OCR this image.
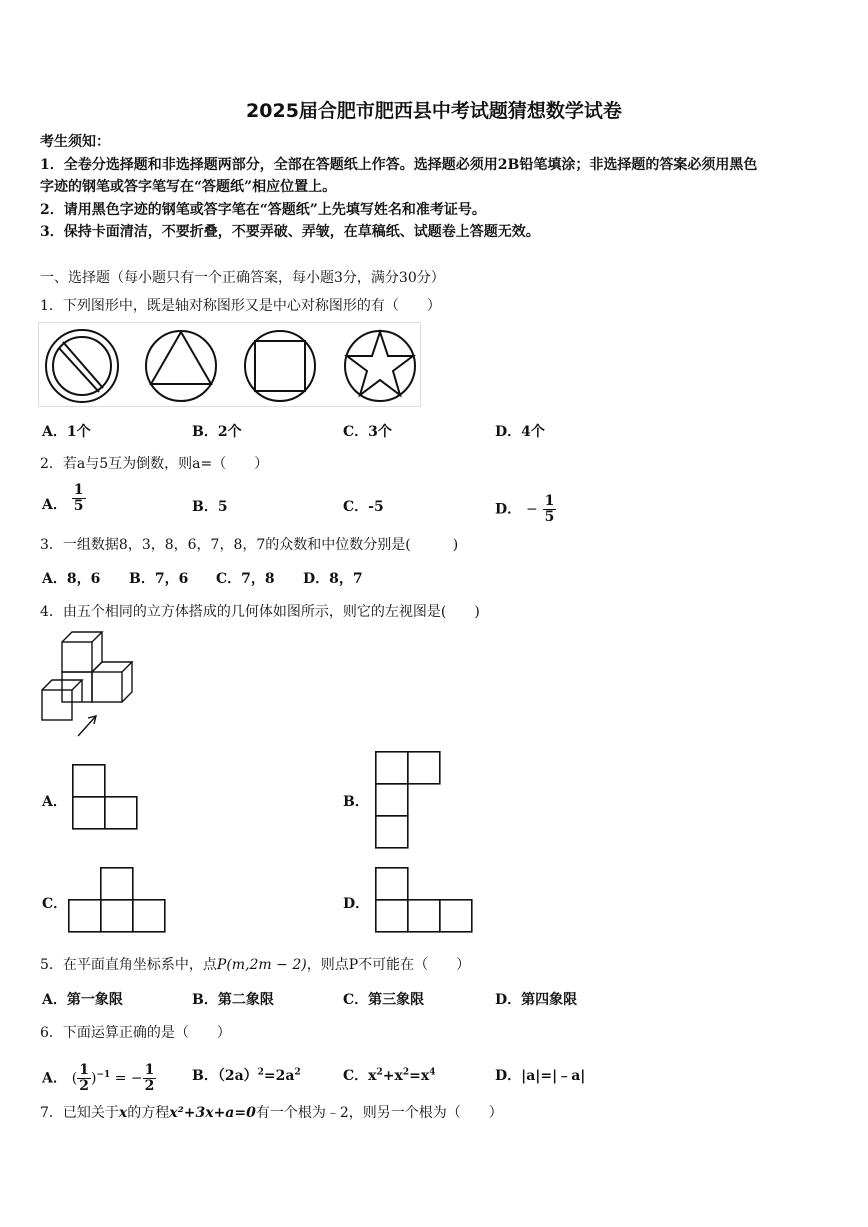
2025届合肥市肥西县中考试题猜想数学试卷
考生须知：
1．全卷分选择题和非选择题两部分，全部在答题纸上作答。选择题必须用2B铅笔填涂；非选择题的答案必须用黑色
字迹的钢笔或答字笔写在“答题纸”相应位置上。
2．请用黑色字迹的钢笔或答字笔在“答题纸”上先填写姓名和准考证号。
3．保持卡面清洁，不要折叠，不要弄破、弄皱，在草稿纸、试题卷上答题无效。
一、选择题（每小题只有一个正确答案，每小题3分，满分30分）
1．下列图形中，既是轴对称图形又是中心对称图形的有（　　）
A．1个	B．2个	C．3个	D．4个
2．若a与5互为倒数，则a=（　　）
A． $\frac{1}{5}$	B．5	C．-5	D． − $\frac{1}{5}$
3．一组数据8，3，8，6，7，8，7的众数和中位数分别是(　　　)
A．8，6 B．7，6 C．7，8 D．8，7
4．由五个相同的立方体搭成的几何体如图所示，则它的左视图是(　　)
A．	B．
C．	D．
5．在平面直角坐标系中，点P(m,2m − 2)，则点P不可能在（　　）
A．第一象限	B．第二象限	C．第三象限	D．第四象限
6．下面运算正确的是（　　）
A． ( $\frac{1}{2} )^{-1}$ = − $\frac{1}{2}$	B．$(2a)^2=2a^2$	C．$x^2+x^2=x^4$	D．|a|=|﹣a|
7．已知关于x的方程x²+3x+a=0有一个根为﹣2，则另一个根为（　　）
